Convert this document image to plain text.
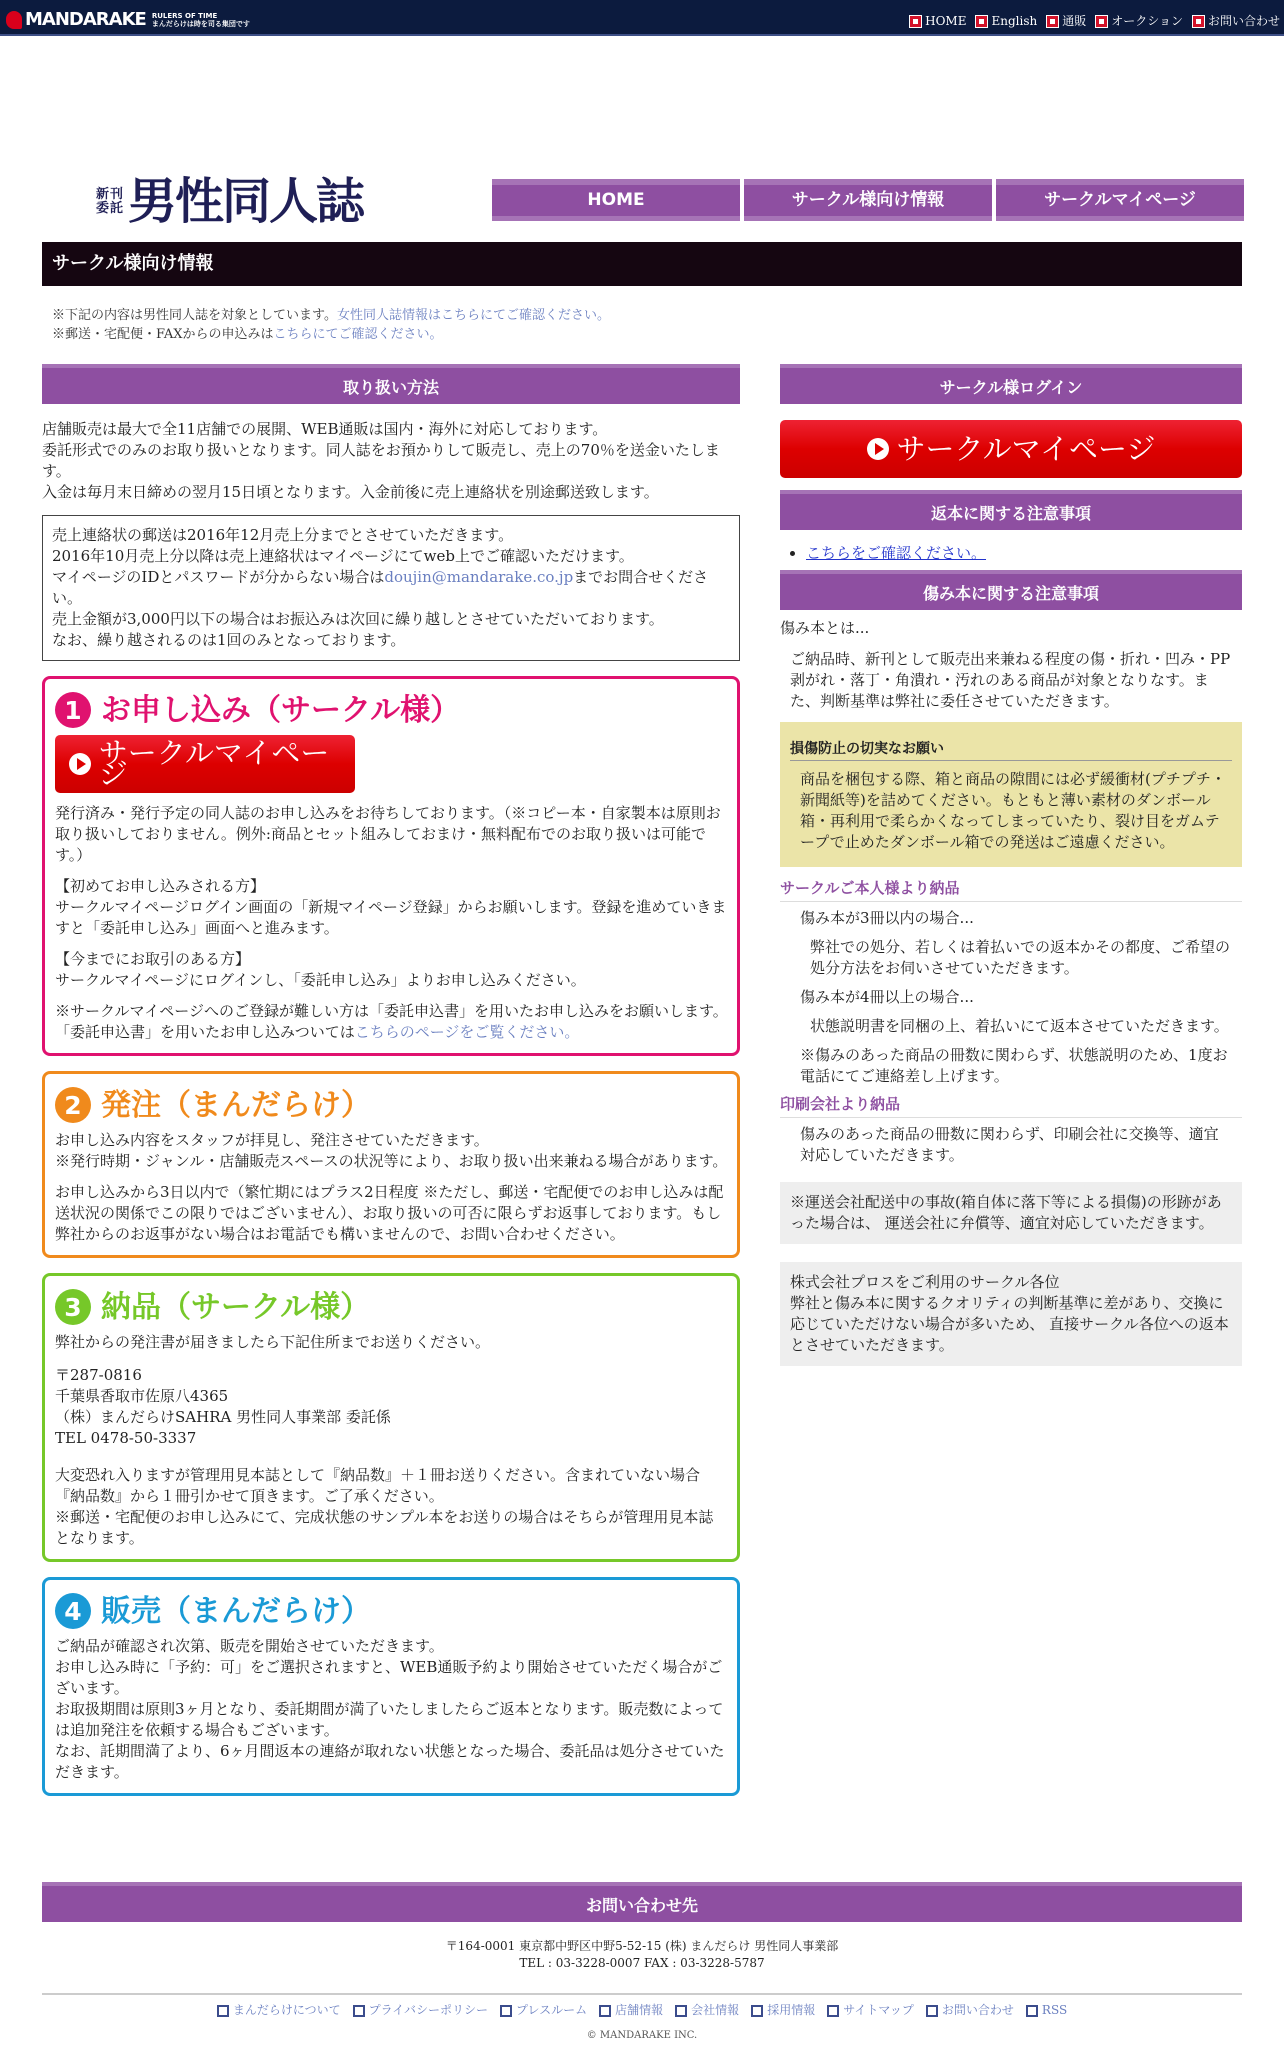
MANDARAKE RULERS OF TIME
まんだらけは時を司る集団です	HOME English 通販 オークション お問い合わせ
新刊委託 男性同人誌	HOME	サークル様向け情報	サークルマイページ
サークル様向け情報
※下記の内容は男性同人誌を対象としています。女性同人誌情報はこちらにてご確認ください。
※郵送・宅配便・FAXからの申込みはこちらにてご確認ください。
取り扱い方法
店舗販売は最大で全11店舗での展開、WEB通販は国内・海外に対応しております。
委託形式でのみのお取り扱いとなります。同人誌をお預かりして販売し、売上の70％を送金いたします。
入金は毎月末日締めの翌月15日頃となります。入金前後に売上連絡状を別途郵送致します。
売上連絡状の郵送は2016年12月売上分までとさせていただきます。
2016年10月売上分以降は売上連絡状はマイページにてweb上でご確認いただけます。
マイページのIDとパスワードが分からない場合はdoujin@mandarake.co.jpまでお問合せください。
売上金額が3,000円以下の場合はお振込みは次回に繰り越しとさせていただいております。
なお、繰り越されるのは1回のみとなっております。
1 お申し込み（サークル様）
サークルマイページ
発行済み・発行予定の同人誌のお申し込みをお待ちしております。（※コピー本・自家製本は原則お取り扱いしておりません。例外:商品とセット組みしておまけ・無料配布でのお取り扱いは可能です。）
【初めてお申し込みされる方】
サークルマイページログイン画面の「新規マイページ登録」からお願いします。登録を進めていきますと「委託申し込み」画面へと進みます。
【今までにお取引のある方】
サークルマイページにログインし、「委託申し込み」よりお申し込みください。
※サークルマイページへのご登録が難しい方は「委託申込書」を用いたお申し込みをお願いします。「委託申込書」を用いたお申し込みついてはこちらのページをご覧ください。
2 発注（まんだらけ）
お申し込み内容をスタッフが拝見し、発注させていただきます。
※発行時期・ジャンル・店舗販売スペースの状況等により、お取り扱い出来兼ねる場合があります。
お申し込みから3日以内で（繁忙期にはプラス2日程度 ※ただし、郵送・宅配便でのお申し込みは配送状況の関係でこの限りではございません）、お取り扱いの可否に限らずお返事しております。もし弊社からのお返事がない場合はお電話でも構いませんので、お問い合わせください。
3 納品（サークル様）
弊社からの発注書が届きましたら下記住所までお送りください。
〒287-0816
千葉県香取市佐原八4365
（株）まんだらけSAHRA 男性同人事業部 委託係
TEL 0478-50-3337
大変恐れ入りますが管理用見本誌として『納品数』＋１冊お送りください。含まれていない場合『納品数』から１冊引かせて頂きます。ご了承ください。
※郵送・宅配便のお申し込みにて、完成状態のサンプル本をお送りの場合はそちらが管理用見本誌となります。
4 販売（まんだらけ）
ご納品が確認され次第、販売を開始させていただきます。
お申し込み時に「予約：可」をご選択されますと、WEB通販予約より開始させていただく場合がございます。
お取扱期間は原則3ヶ月となり、委託期間が満了いたしましたらご返本となります。販売数によっては追加発注を依頼する場合もございます。
なお、託期間満了より、6ヶ月間返本の連絡が取れない状態となった場合、委託品は処分させていただきます。
サークル様ログイン
サークルマイページ
返本に関する注意事項
• こちらをご確認ください。
傷み本に関する注意事項
傷み本とは...
ご納品時、新刊として販売出来兼ねる程度の傷・折れ・凹み・PP剥がれ・落丁・角潰れ・汚れのある商品が対象となりなす。また、判断基準は弊社に委任させていただきます。
損傷防止の切実なお願い
商品を梱包する際、箱と商品の隙間には必ず緩衝材(プチプチ・新聞紙等)を詰めてください。もともと薄い素材のダンボール箱・再利用で柔らかくなってしまっていたり、裂け目をガムテープで止めたダンボール箱での発送はご遠慮ください。
サークルご本人様より納品
傷み本が3冊以内の場合...
弊社での処分、若しくは着払いでの返本かその都度、ご希望の処分方法をお伺いさせていただきます。
傷み本が4冊以上の場合...
状態説明書を同梱の上、着払いにて返本させていただきます。
※傷みのあった商品の冊数に関わらず、状態説明のため、1度お電話にてご連絡差し上げます。
印刷会社より納品
傷みのあった商品の冊数に関わらず、印刷会社に交換等、適宜対応していただきます。
※運送会社配送中の事故(箱自体に落下等による損傷)の形跡があった場合は、 運送会社に弁償等、適宜対応していただきます。
株式会社プロスをご利用のサークル各位
弊社と傷み本に関するクオリティの判断基準に差があり、交換に応じていただけない場合が多いため、 直接サークル各位への返本とさせていただきます。
お問い合わせ先
〒164-0001 東京都中野区中野5-52-15 (株) まんだらけ 男性同人事業部
TEL : 03-3228-0007 FAX : 03-3228-5787
まんだらけについて プライバシーポリシー プレスルーム 店舗情報 会社情報 採用情報 サイトマップ お問い合わせ RSS
© MANDARAKE INC.
